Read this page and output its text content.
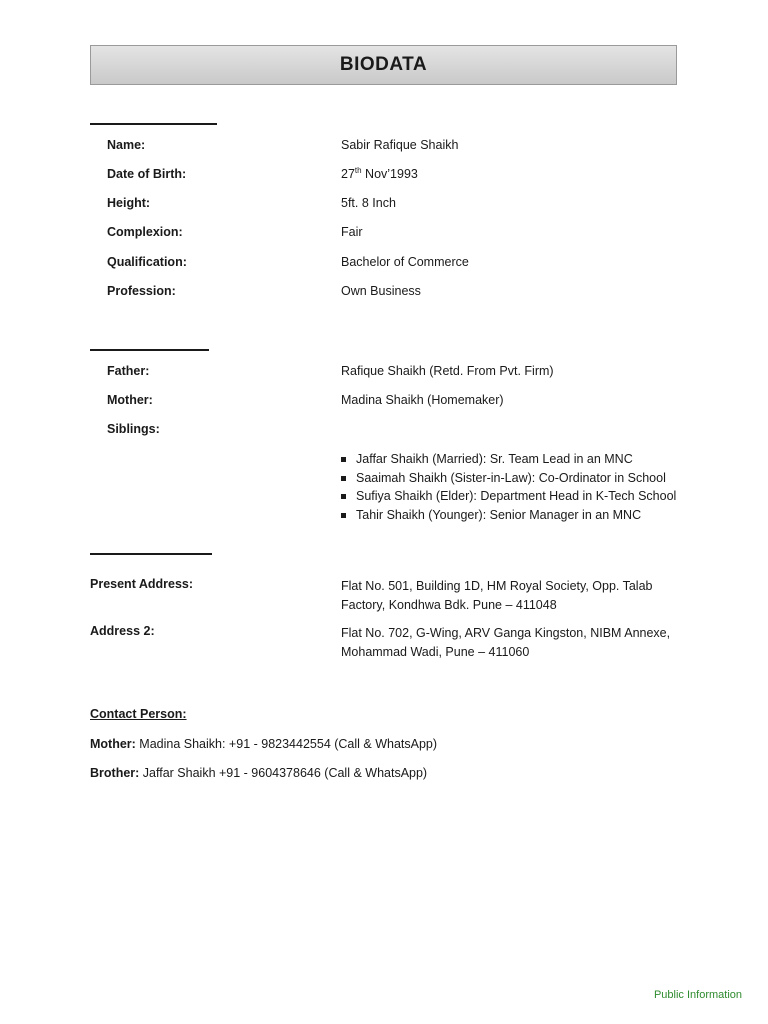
BIODATA
Name:	Sabir Rafique Shaikh
Date of Birth:	27th Nov’1993
Height:	5ft. 8 Inch
Complexion:	Fair
Qualification:	Bachelor of Commerce
Profession:	Own Business
Father:	Rafique Shaikh (Retd. From Pvt. Firm)
Mother:	Madina Shaikh (Homemaker)
Siblings:
Jaffar Shaikh (Married): Sr. Team Lead in an MNC
Saaimah Shaikh (Sister-in-Law): Co-Ordinator in School
Sufiya Shaikh (Elder): Department Head in K-Tech School
Tahir Shaikh (Younger): Senior Manager in an MNC
Present Address:	Flat No. 501, Building 1D, HM Royal Society, Opp. Talab
Factory, Kondhwa Bdk. Pune – 411048
Address 2:	Flat No. 702, G-Wing, ARV Ganga Kingston, NIBM Annexe,
Mohammad Wadi, Pune – 411060
Contact Person:
Mother: Madina Shaikh: +91 - 9823442554 (Call & WhatsApp)
Brother: Jaffar Shaikh +91 - 9604378646 (Call & WhatsApp)
Public Information
